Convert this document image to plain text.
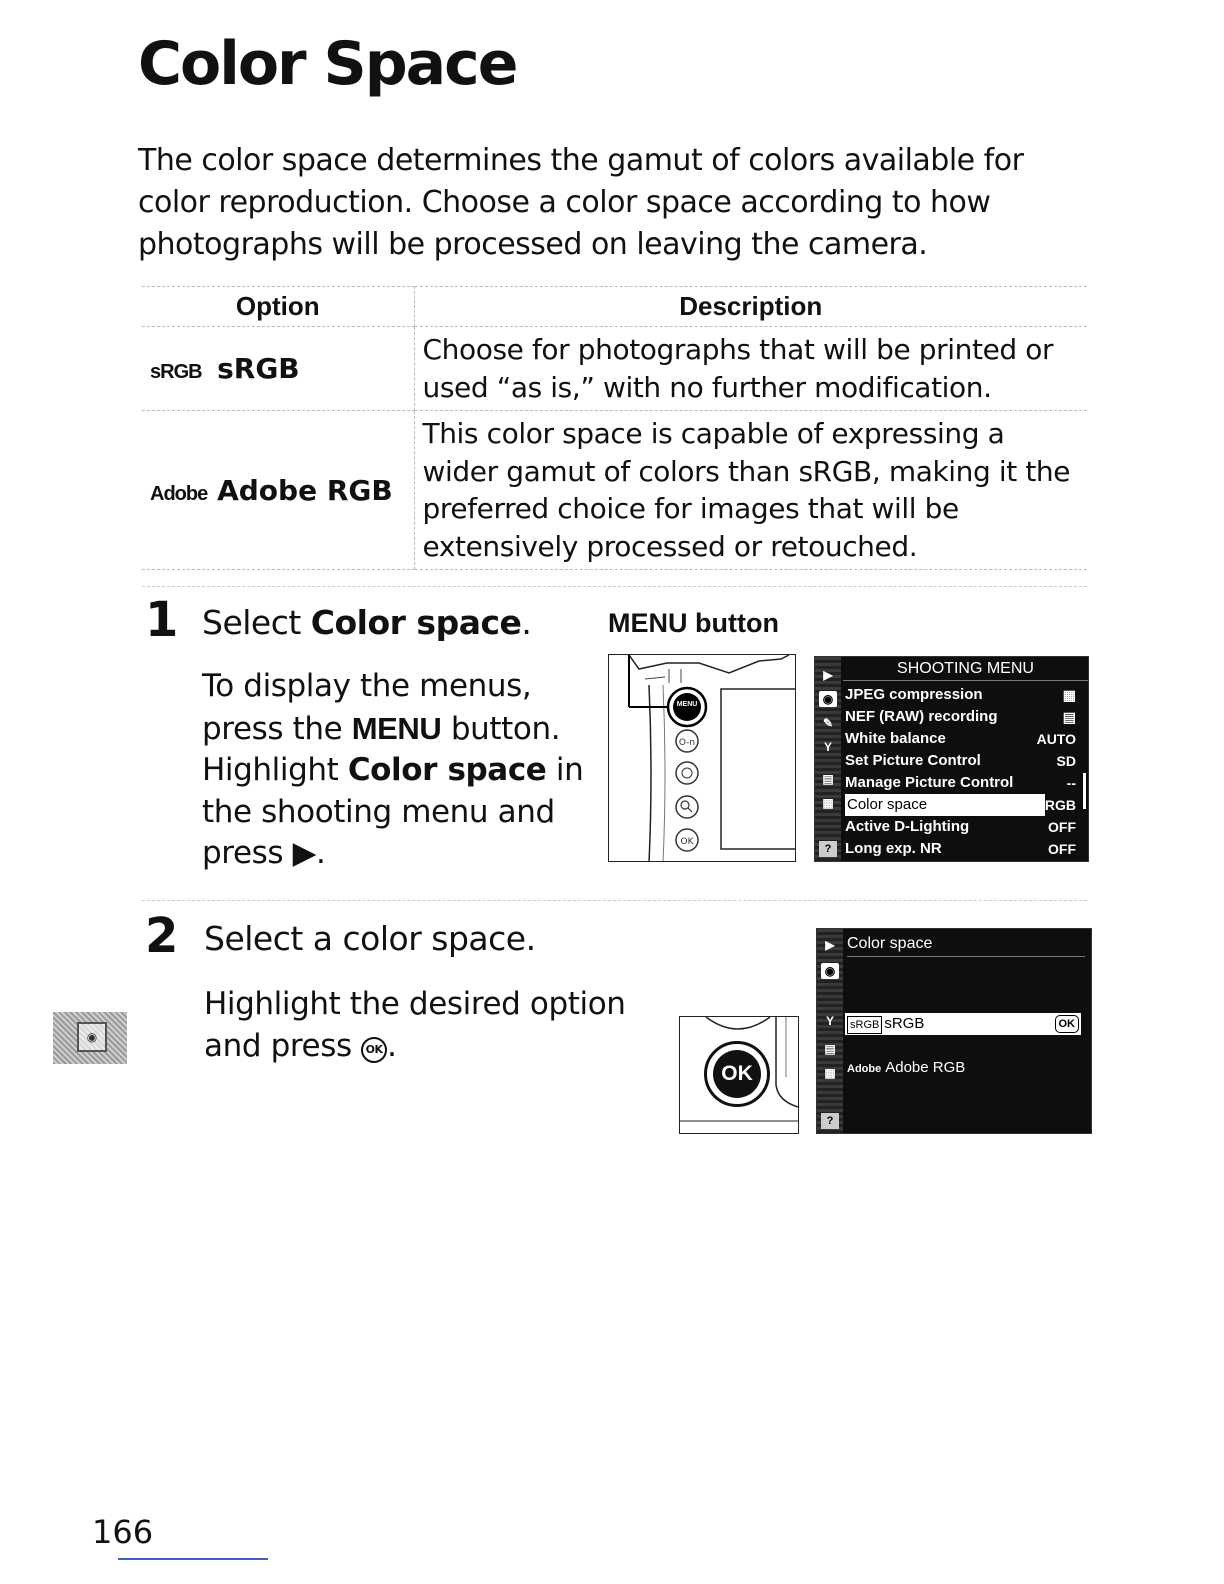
Color Space

The color space determines the gamut of colors available for color reproduction. Choose a color space according to how photographs will be processed on leaving the camera.

Option	Description
sRGB sRGB	Choose for photographs that will be printed or used “as is,” with no further modification.
Adobe Adobe RGB	This color space is capable of expressing a wider gamut of colors than sRGB, making it the preferred choice for images that will be extensively processed or retouched.
1 Select Color space.
To display the menus, press the MENU button. Highlight Color space in the shooting menu and press ▶.
MENU button
O-n
OK
MENU
▶
◉
✎
Y
▤
▦
?
SHOOTING MENU
JPEG compression	▦
NEF (RAW) recording	▤
White balance	AUTO
Set Picture Control	SD
Manage Picture Control	--
Color space	sRGB
Active D-Lighting	OFF
Long exp. NR	OFF
2 Select a color space.
Highlight the desired option and press OK .
OK
▶
◉
Y
▤
▦
?
Color space
sRGB sRGB	OK
Adobe Adobe RGB
◉
166
